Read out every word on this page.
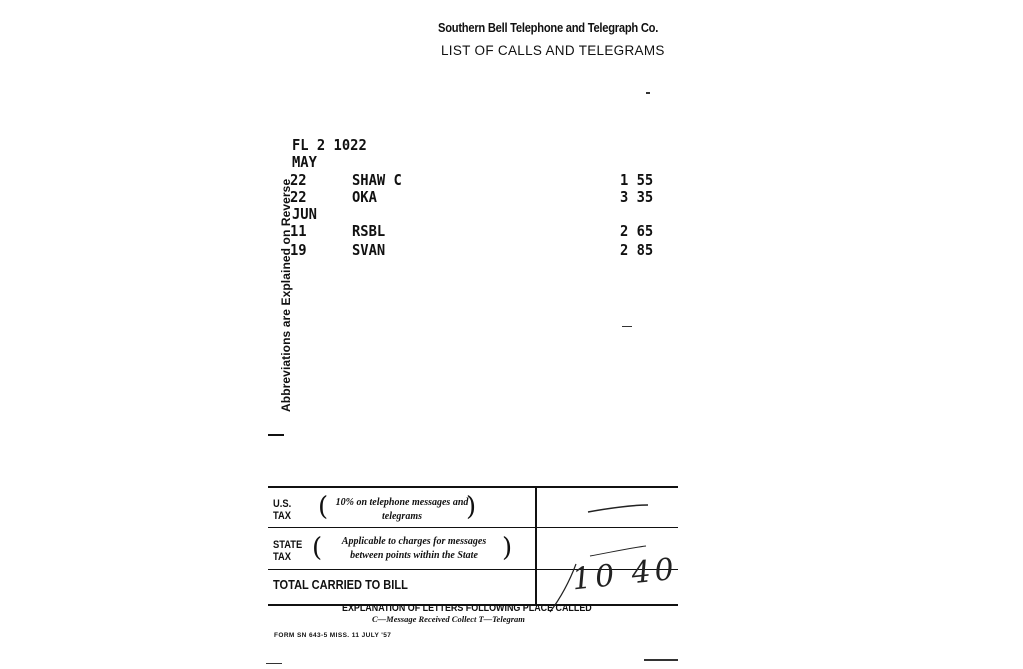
Southern Bell Telephone and Telegraph Co.
LIST OF CALLS AND TELEGRAMS
FL 2 1022
MAY
22	SHAW C	1 55
22	OKA	3 35
JUN
11	RSBL	2 65
19	SVAN	2 85
Abbreviations are Explained on Reverse
U.S. TAX	( 10% on telephone messages and telegrams	)
STATE TAX (	Applicable to charges for messages between points within the State )
TOTAL CARRIED TO BILL	10 40
EXPLANATION OF LETTERS FOLLOWING PLACE CALLED
C—Message Received Collect T—Telegram
FORM SN 643-5 MISS. 11 JULY '57
